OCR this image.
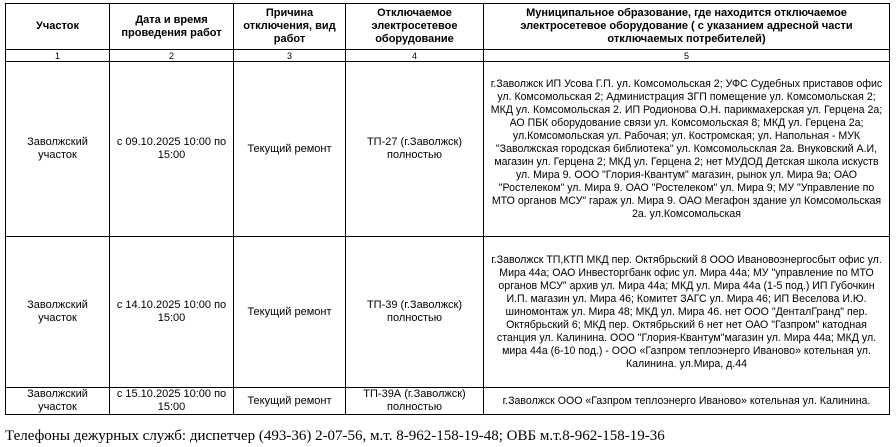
Участок	Дата и время проведения работ	Причина отключения, вид работ	Отключаемое электросетевое оборудование	Муниципальное образование, где находится отключаемое электросетевое оборудование ( с указанием адресной части отключаемых потребителей)
1	2	3	4	5
Заволжский участок	с 09.10.2025 10:00 по 15:00	Текущий ремонт	ТП-27 (г.Заволжск) полностью	г.Заволжск ИП Усова Г.П. ул. Комсомольская 2; УФС Судебных приставов офис ул. Комсомольская 2; Администрация ЗГП помещение ул. Комсомольская 2; МКД ул. Комсомольская 2. ИП Родионова О.Н. парикмахерская ул. Герцена 2а; АО ПБК оборудование связи ул. Комсомольская 8; МКД ул. Герцена 2а; ул.Комсомольская ул. Рабочая; ул. Костромская; ул. Напольная - МУК "Заволжская городская библиотека" ул. Комсомольсклая 2а. Внуковский А.И, магазин ул. Герцена 2; МКД ул. Герцена 2; нет МУДОД Детская школа искуств ул. Мира 9. ООО "Глория-Квантум" магазин, рынок ул. Мира 9а; ОАО "Ростелеком" ул. Мира 9. ОАО "Ростелеком" ул. Мира 9; МУ "Управление по МТО органов МСУ" гараж ул. Мира 9. ОАО Мегафон здание ул Комсомольская 2а. ул.Комсомольская
Заволжский участок	с 14.10.2025 10:00 по 15:00	Текущий ремонт	ТП-39 (г.Заволжск) полностью	г.Заволжск ТП,КТП МКД пер. Октябрьский 8 ООО Ивановоэнергосбыт офис ул. Мира 44а; ОАО Инвесторгбанк офис ул. Мира 44а; МУ "управление по МТО органов МСУ" архив ул. Мира 44а; МКД ул. Мира 44а (1-5 под.) ИП Губочкин И.П. магазин ул. Мира 46; Комитет ЗАГС ул. Мира 46; ИП Веселова И.Ю. шиномонтаж ул. Мира 48; МКД ул. Мира 46. нет ООО "ДенталГранд" пер. Октябрьский 6; МКД пер. Октябрьский 6 нет нет ОАО "Газпром" катодная станция ул. Калинина. ООО "Глория-Квантум"магазин ул. Мира 44а; МКД ул. мира 44а (6-10 под.) - ООО «Газпром теплоэнерго Иваново» котельная ул. Калинина. ул.Мира, д.44
Заволжский участок	с 15.10.2025 10:00 по 15:00	Текущий ремонт	ТП-39А (г.Заволжск) полностью	г.Заволжск ООО «Газпром теплоэнерго Иваново» котельная ул. Калинина.
Телефоны дежурных служб: диспетчер (493-36) 2-07-56, м.т. 8-962-158-19-48; ОВБ м.т.8-962-158-19-36
